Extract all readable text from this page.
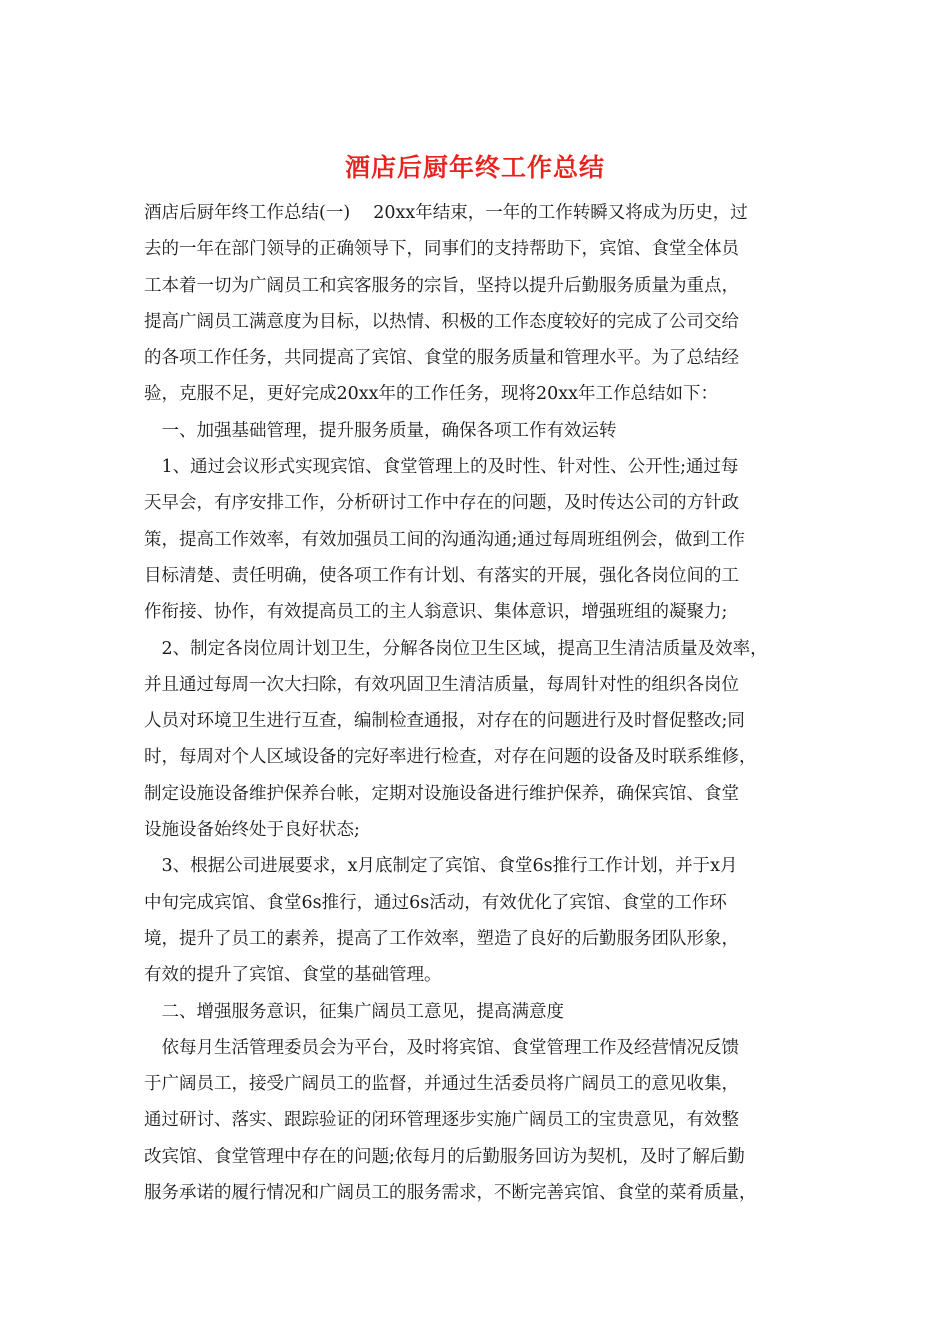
酒店后厨年终工作总结
酒店后厨年终工作总结(一)　 20xx年结束，一年的工作转瞬又将成为历史，过
去的一年在部门领导的正确领导下，同事们的支持帮助下，宾馆、食堂全体员
工本着一切为广阔员工和宾客服务的宗旨，坚持以提升后勤服务质量为重点，
提高广阔员工满意度为目标，以热情、积极的工作态度较好的完成了公司交给
的各项工作任务，共同提高了宾馆、食堂的服务质量和管理水平。为了总结经
验，克服不足，更好完成20xx年的工作任务，现将20xx年工作总结如下：
　一、加强基础管理，提升服务质量，确保各项工作有效运转
　1、通过会议形式实现宾馆、食堂管理上的及时性、针对性、公开性;通过每
天早会，有序安排工作，分析研讨工作中存在的问题，及时传达公司的方针政
策，提高工作效率，有效加强员工间的沟通沟通;通过每周班组例会，做到工作
目标清楚、责任明确，使各项工作有计划、有落实的开展，强化各岗位间的工
作衔接、协作，有效提高员工的主人翁意识、集体意识，增强班组的凝聚力;
　2、制定各岗位周计划卫生，分解各岗位卫生区域，提高卫生清洁质量及效率，
并且通过每周一次大扫除，有效巩固卫生清洁质量，每周针对性的组织各岗位
人员对环境卫生进行互查，编制检查通报，对存在的问题进行及时督促整改;同
时，每周对个人区域设备的完好率进行检查，对存在问题的设备及时联系维修，
制定设施设备维护保养台帐，定期对设施设备进行维护保养，确保宾馆、食堂
设施设备始终处于良好状态;
　3、根据公司进展要求，x月底制定了宾馆、食堂6s推行工作计划，并于x月
中旬完成宾馆、食堂6s推行，通过6s活动，有效优化了宾馆、食堂的工作环
境，提升了员工的素养，提高了工作效率，塑造了良好的后勤服务团队形象，
有效的提升了宾馆、食堂的基础管理。
　二、增强服务意识，征集广阔员工意见，提高满意度
　依每月生活管理委员会为平台，及时将宾馆、食堂管理工作及经营情况反馈
于广阔员工，接受广阔员工的监督，并通过生活委员将广阔员工的意见收集，
通过研讨、落实、跟踪验证的闭环管理逐步实施广阔员工的宝贵意见，有效整
改宾馆、食堂管理中存在的问题;依每月的后勤服务回访为契机，及时了解后勤
服务承诺的履行情况和广阔员工的服务需求，不断完善宾馆、食堂的菜肴质量，
